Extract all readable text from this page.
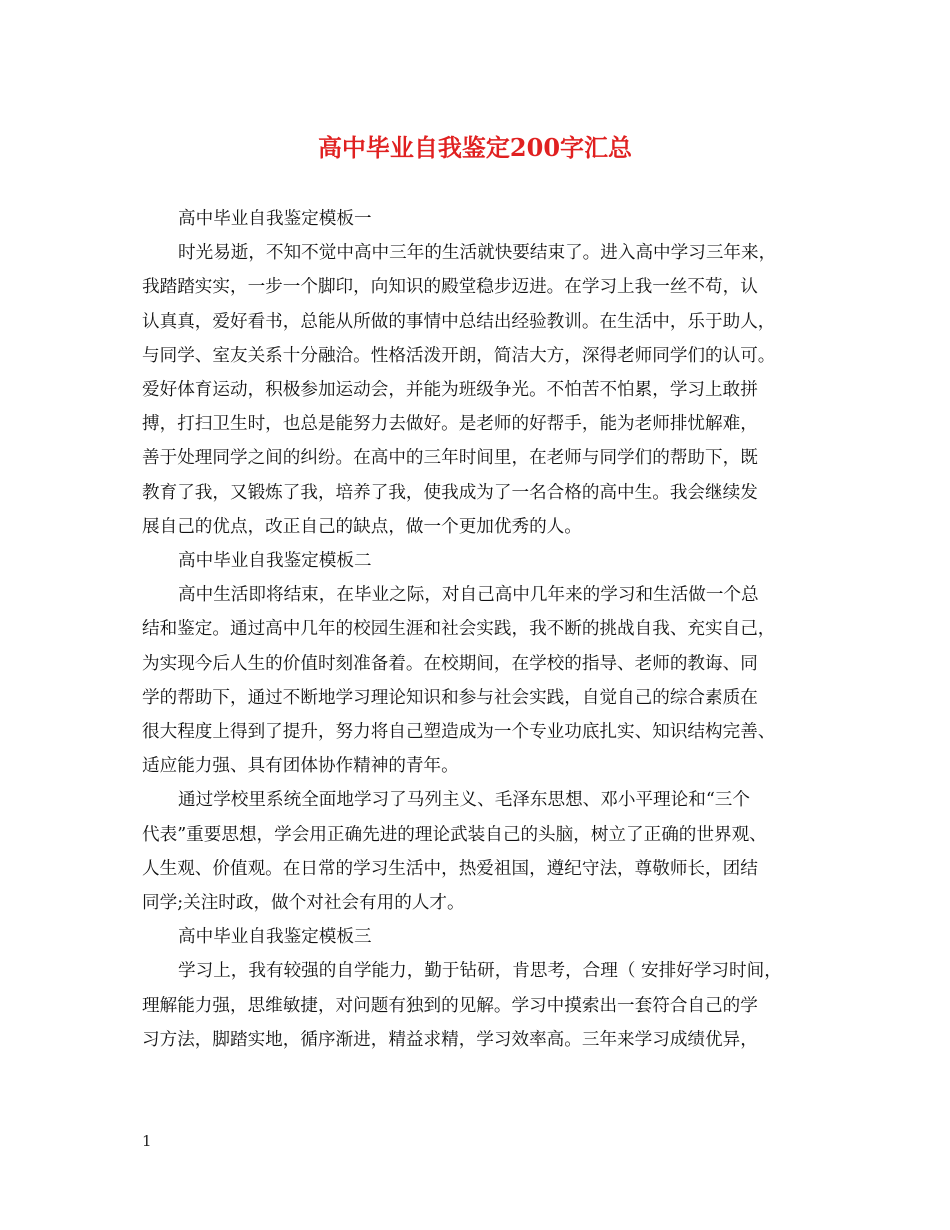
高中毕业自我鉴定200字汇总
高中毕业自我鉴定模板一
时光易逝，不知不觉中高中三年的生活就快要结束了。进入高中学习三年来，
我踏踏实实，一步一个脚印，向知识的殿堂稳步迈进。在学习上我一丝不苟，认
认真真，爱好看书，总能从所做的事情中总结出经验教训。在生活中，乐于助人，
与同学、室友关系十分融洽。性格活泼开朗，简洁大方，深得老师同学们的认可。
爱好体育运动，积极参加运动会，并能为班级争光。不怕苦不怕累，学习上敢拼
搏，打扫卫生时，也总是能努力去做好。是老师的好帮手，能为老师排忧解难，
善于处理同学之间的纠纷。在高中的三年时间里，在老师与同学们的帮助下，既
教育了我，又锻炼了我，培养了我，使我成为了一名合格的高中生。我会继续发
展自己的优点，改正自己的缺点，做一个更加优秀的人。
高中毕业自我鉴定模板二
高中生活即将结束，在毕业之际，对自己高中几年来的学习和生活做一个总
结和鉴定。通过高中几年的校园生涯和社会实践，我不断的挑战自我、充实自己，
为实现今后人生的价值时刻准备着。在校期间，在学校的指导、老师的教诲、同
学的帮助下，通过不断地学习理论知识和参与社会实践，自觉自己的综合素质在
很大程度上得到了提升，努力将自己塑造成为一个专业功底扎实、知识结构完善、
适应能力强、具有团体协作精神的青年。
通过学校里系统全面地学习了马列主义、毛泽东思想、邓小平理论和“三个
代表”重要思想，学会用正确先进的理论武装自己的头脑，树立了正确的世界观、
人生观、价值观。在日常的学习生活中，热爱祖国，遵纪守法，尊敬师长，团结
同学;关注时政，做个对社会有用的人才。
高中毕业自我鉴定模板三
学习上，我有较强的自学能力，勤于钻研，肯思考，合理（ 安排好学习时间，
理解能力强，思维敏捷，对问题有独到的见解。学习中摸索出一套符合自己的学
习方法，脚踏实地，循序渐进，精益求精，学习效率高。三年来学习成绩优异，
1
